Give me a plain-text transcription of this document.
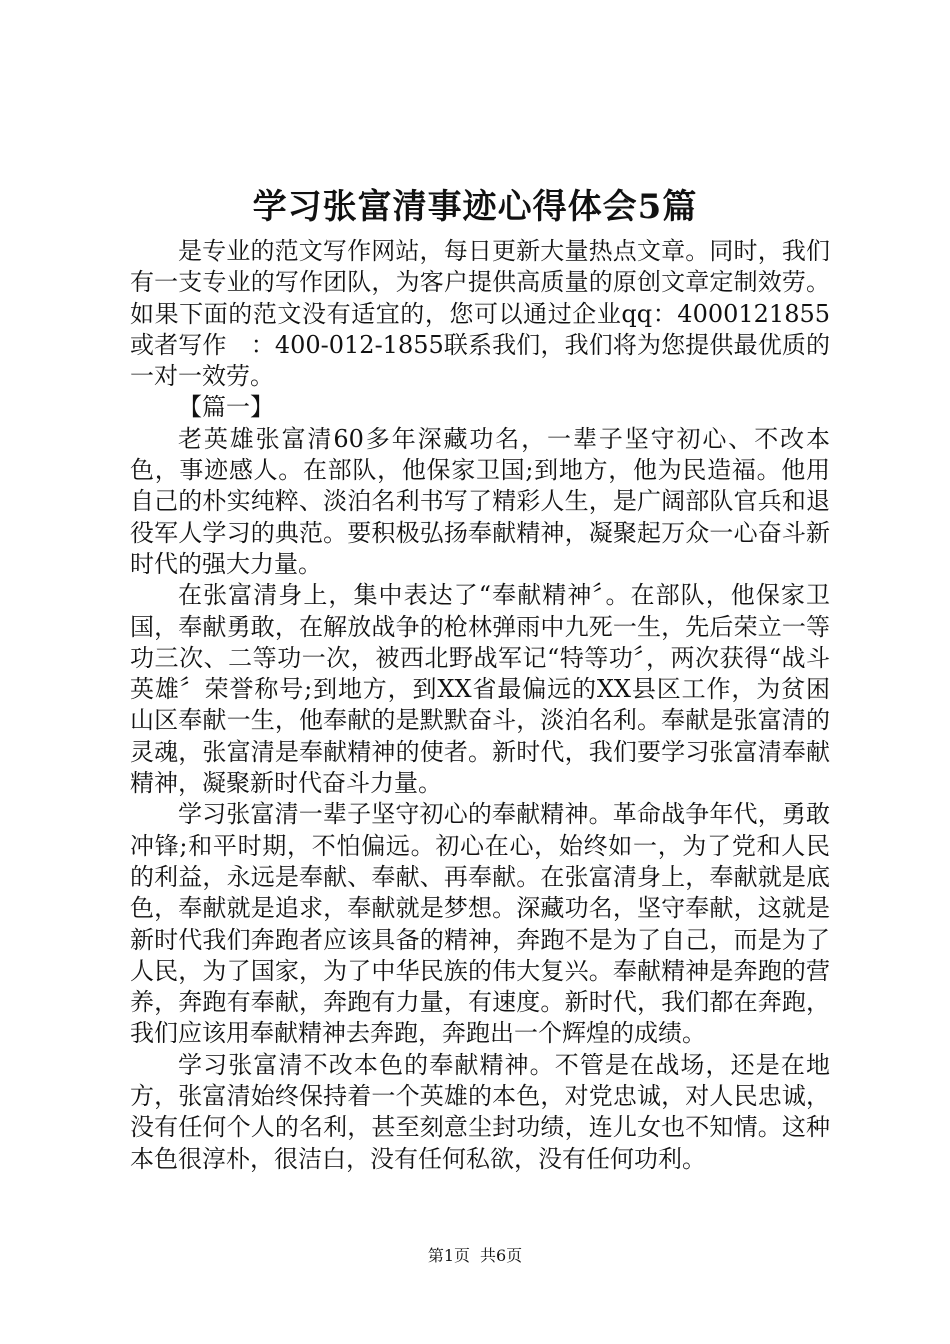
学习张富清事迹心得体会5篇

是专业的范文写作网站，每日更新大量热点文章。同时，我们有一支专业的写作团队，为客户提供高质量的原创文章定制效劳。如果下面的范文没有适宜的，您可以通过企业qq：4000121855或者写作　：400-012-1855联系我们，我们将为您提供最优质的一对一效劳。

【篇一】

老英雄张富清60多年深藏功名，一辈子坚守初心、不改本色，事迹感人。在部队，他保家卫国;到地方，他为民造福。他用自己的朴实纯粹、淡泊名利书写了精彩人生，是广阔部队官兵和退役军人学习的典范。要积极弘扬奉献精神，凝聚起万众一心奋斗新时代的强大力量。

在张富清身上，集中表达了“奉献精神〞。在部队，他保家卫国，奉献勇敢，在解放战争的枪林弹雨中九死一生，先后荣立一等功三次、二等功一次，被西北野战军记“特等功〞，两次获得“战斗英雄〞荣誉称号;到地方，到XX省最偏远的XX县区工作，为贫困山区奉献一生，他奉献的是默默奋斗，淡泊名利。奉献是张富清的灵魂，张富清是奉献精神的使者。新时代，我们要学习张富清奉献精神，凝聚新时代奋斗力量。

学习张富清一辈子坚守初心的奉献精神。革命战争年代，勇敢冲锋;和平时期，不怕偏远。初心在心，始终如一，为了党和人民的利益，永远是奉献、奉献、再奉献。在张富清身上，奉献就是底色，奉献就是追求，奉献就是梦想。深藏功名，坚守奉献，这就是新时代我们奔跑者应该具备的精神，奔跑不是为了自己，而是为了人民，为了国家，为了中华民族的伟大复兴。奉献精神是奔跑的营养，奔跑有奉献，奔跑有力量，有速度。新时代，我们都在奔跑，我们应该用奉献精神去奔跑，奔跑出一个辉煌的成绩。

学习张富清不改本色的奉献精神。不管是在战场，还是在地方，张富清始终保持着一个英雄的本色，对党忠诚，对人民忠诚，没有任何个人的名利，甚至刻意尘封功绩，连儿女也不知情。这种本色很淳朴，很洁白，没有任何私欲，没有任何功利。

第1页 共6页
